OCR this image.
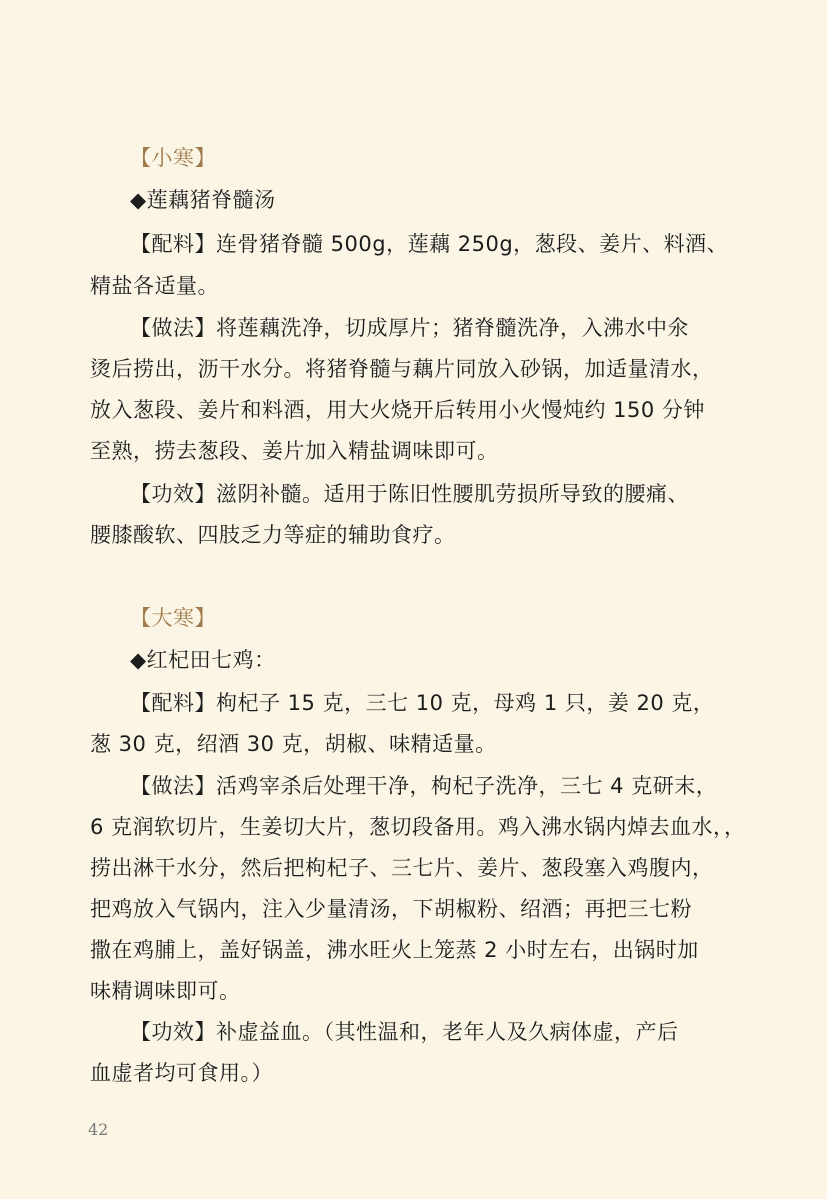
【小寒】
◆莲藕猪脊髓汤
【配料】连骨猪脊髓 500g，莲藕 250g，葱段、姜片、料酒、
精盐各适量。
【做法】将莲藕洗净，切成厚片；猪脊髓洗净，入沸水中氽
烫后捞出，沥干水分。将猪脊髓与藕片同放入砂锅，加适量清水，
放入葱段、姜片和料酒，用大火烧开后转用小火慢炖约 150 分钟
至熟，捞去葱段、姜片加入精盐调味即可。
【功效】滋阴补髓。适用于陈旧性腰肌劳损所导致的腰痛、
腰膝酸软、四肢乏力等症的辅助食疗。
【大寒】
◆红杞田七鸡：
【配料】枸杞子 15 克，三七 10 克，母鸡 1 只，姜 20 克，
葱 30 克，绍酒 30 克，胡椒、味精适量。
【做法】活鸡宰杀后处理干净，枸杞子洗净，三七 4 克研末，
6 克润软切片，生姜切大片，葱切段备用。鸡入沸水锅内焯去血水，，
捞出淋干水分，然后把枸杞子、三七片、姜片、葱段塞入鸡腹内，
把鸡放入气锅内，注入少量清汤，下胡椒粉、绍酒；再把三七粉
撒在鸡脯上，盖好锅盖，沸水旺火上笼蒸 2 小时左右，出锅时加
味精调味即可。
【功效】补虚益血。（其性温和，老年人及久病体虚，产后
血虚者均可食用。）
42
